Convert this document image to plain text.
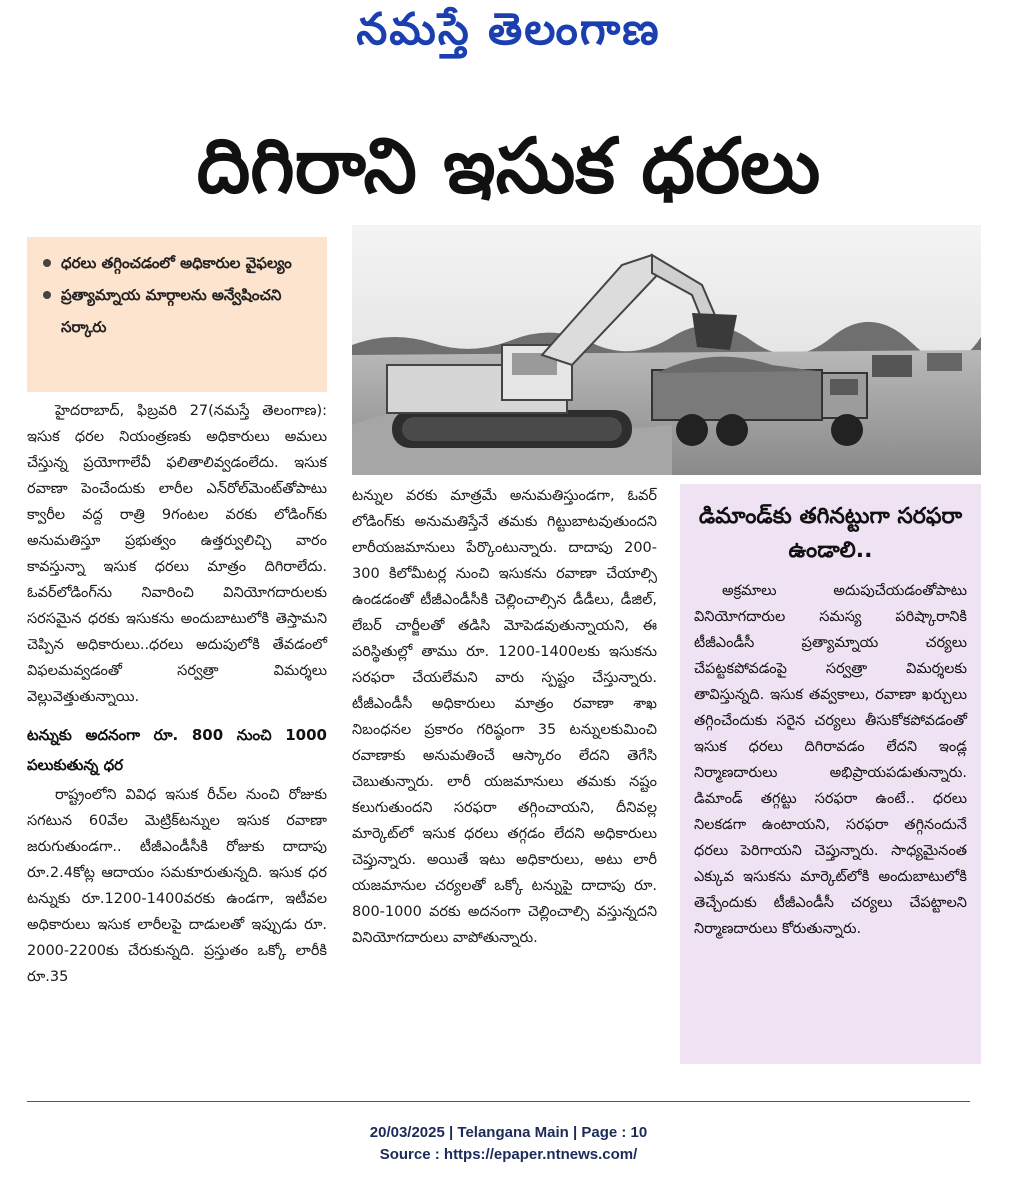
నమస్తే తెలంగాణ
దిగిరాని ఇసుక ధరలు
ధరలు తగ్గించడంలో అధికారుల వైఫల్యం
ప్రత్యామ్నాయ మార్గాలను అన్వేషించని సర్కారు

హైదరాబాద్, ఫిబ్రవరి 27(నమస్తే తెలంగాణ): ఇసుక ధరల నియంత్రణకు అధికారులు అమలు చేస్తున్న ప్రయోగాలేవీ ఫలితాలివ్వడంలేదు. ఇసుక రవాణా పెంచేందుకు లారీల ఎన్‌రోల్‌మెంట్‌తోపాటు క్వారీల వద్ద రాత్రి 9గంటల వరకు లోడింగ్‌కు అనుమతిస్తూ ప్రభుత్వం ఉత్తర్వులిచ్చి వారం కావస్తున్నా ఇసుక ధరలు మాత్రం దిగిరాలేదు. ఓవర్‌లోడింగ్‌ను నివారించి వినియోగదారులకు సరసమైన ధరకు ఇసుకను అందుబాటులోకి తెస్తామని చెప్పిన అధికారులు..ధరలు అదుపులోకి తేవడంలో విఫలమవ్వడంతో సర్వత్రా విమర్శలు వెల్లువెత్తుతున్నాయి.

టన్నుకు అదనంగా రూ. 800 నుంచి 1000 పలుకుతున్న ధర

రాష్ట్రంలోని వివిధ ఇసుక రీచ్‌ల నుంచి రోజుకు సగటున 60వేల మెట్రిక్‌టన్నుల ఇసుక రవాణా జరుగుతుండగా.. టీజీఎండీసీకి రోజుకు దాదాపు రూ.2.4కోట్ల ఆదాయం సమకూరుతున్నది. ఇసుక ధర టన్నుకు రూ.1200-1400వరకు ఉండగా, ఇటీవల అధికారులు ఇసుక లారీలపై దాడులతో ఇప్పుడు రూ. 2000-2200కు చేరుకున్నది. ప్రస్తుతం ఒక్కో లారీకి రూ.35

టన్నుల వరకు మాత్రమే అనుమతిస్తుండగా, ఓవర్ లోడింగ్‌కు అనుమతిస్తేనే తమకు గిట్టుబాటవుతుందని లారీయజమానులు పేర్కొంటున్నారు. దాదాపు 200-300 కిలోమీటర్ల నుంచి ఇసుకను రవాణా చేయాల్సి ఉండడంతో టీజీఎండీసీకి చెల్లించాల్సిన డీడీలు, డీజిల్, లేబర్ చార్జీలతో తడిసి మోపెడవుతున్నాయని, ఈ పరిస్థితుల్లో తాము రూ. 1200-1400లకు ఇసుకను సరఫరా చేయలేమని వారు స్పష్టం చేస్తున్నారు. టీజీఎండీసీ అధికారులు మాత్రం రవాణా శాఖ నిబంధనల ప్రకారం గరిష్ఠంగా 35 టన్నులకుమించి రవాణాకు అనుమతించే ఆస్కారం లేదని తెగేసి చెబుతున్నారు. లారీ యజమానులు తమకు నష్టం కలుగుతుందని సరఫరా తగ్గించాయని, దీనివల్ల మార్కెట్‌లో ఇసుక ధరలు తగ్గడం లేదని అధికారులు చెప్తున్నారు. అయితే ఇటు అధికారులు, అటు లారీ యజమానుల చర్యలతో ఒక్కో టన్నుపై దాదాపు రూ. 800-1000 వరకు అదనంగా చెల్లించాల్సి వస్తున్నదని వినియోగదారులు వాపోతున్నారు.

డిమాండ్‌కు తగినట్టుగా సరఫరా ఉండాలి..

అక్రమాలు అదుపుచేయడంతోపాటు వినియోగదారుల సమస్య పరిష్కారానికి టీజీఎండీసీ ప్రత్యామ్నాయ చర్యలు చేపట్టకపోవడంపై సర్వత్రా విమర్శలకు తావిస్తున్నది. ఇసుక తవ్వకాలు, రవాణా ఖర్చులు తగ్గించేందుకు సరైన చర్యలు తీసుకోకపోవడంతో ఇసుక ధరలు దిగిరావడం లేదని ఇండ్ల నిర్మాణదారులు అభిప్రాయపడుతున్నారు. డిమాండ్ తగ్గట్టు సరఫరా ఉంటే.. ధరలు నిలకడగా ఉంటాయని, సరఫరా తగ్గినందునే ధరలు పెరిగాయని చెప్తున్నారు. సాధ్యమైనంత ఎక్కువ ఇసుకను మార్కెట్‌లోకి అందుబాటులోకి తెచ్చేందుకు టీజీఎండీసీ చర్యలు చేపట్టాలని నిర్మాణదారులు కోరుతున్నారు.

20/03/2025 | Telangana Main | Page : 10
Source : https://epaper.ntnews.com/
